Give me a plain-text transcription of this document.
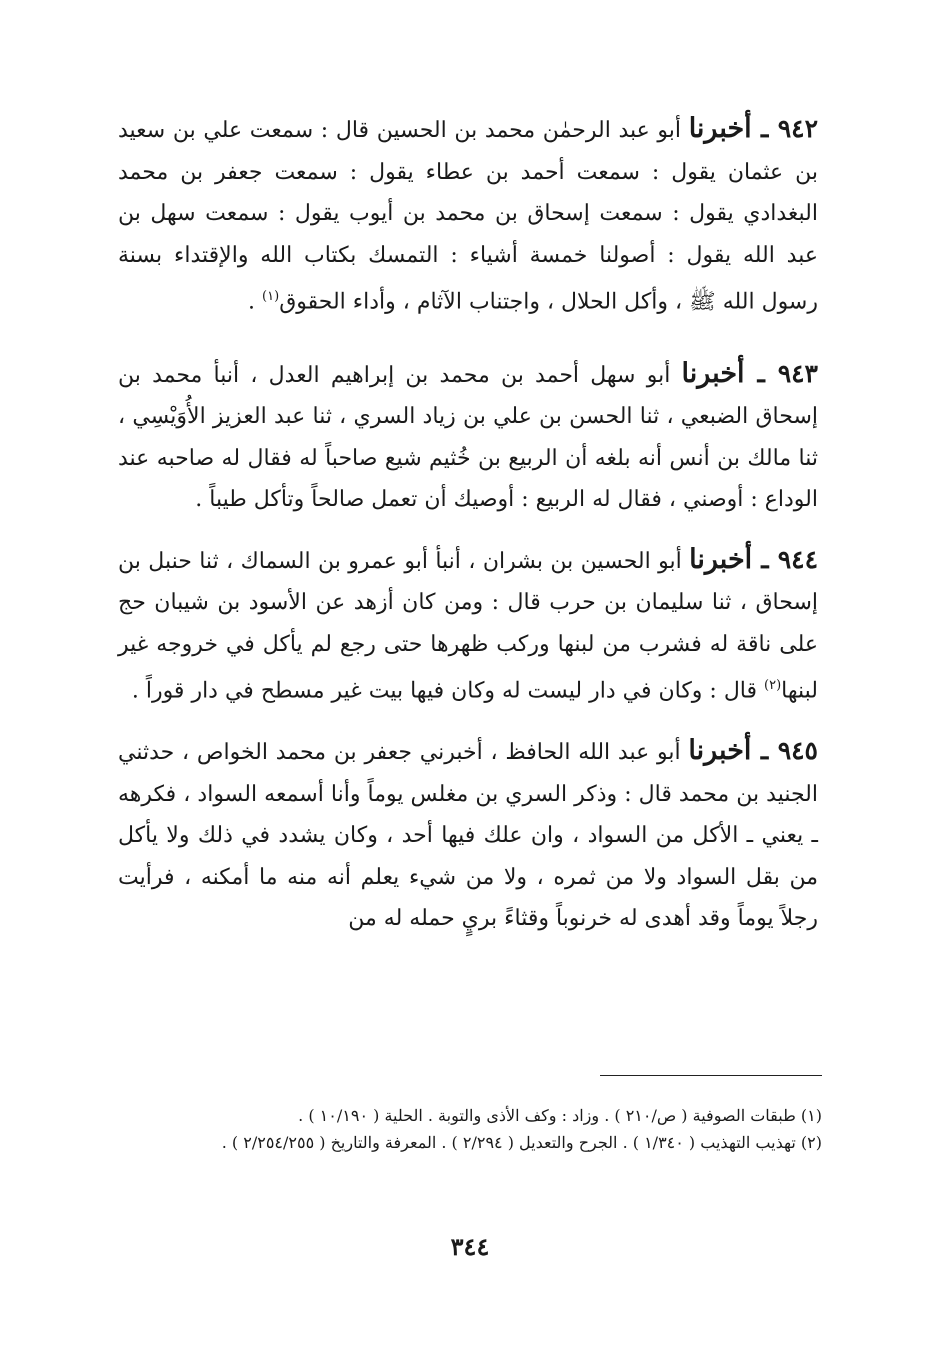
٩٤٢ ـ أخبرنا أبو عبد الرحمٰن محمد بن الحسين قال : سمعت علي بن سعيد بن عثمان يقول : سمعت أحمد بن عطاء يقول : سمعت جعفر بن محمد البغدادي يقول : سمعت إسحاق بن محمد بن أيوب يقول : سمعت سهل بن عبد الله يقول : أصولنا خمسة أشياء : التمسك بكتاب الله والإقتداء بسنة رسول الله ﷺ ، وأكل الحلال ، واجتناب الآثام ، وأداء الحقوق$^{(١)}$ .

٩٤٣ ـ أخبرنا أبو سهل أحمد بن محمد بن إبراهيم العدل ، أنبأ محمد بن إسحاق الضبعي ، ثنا الحسن بن علي بن زياد السري ، ثنا عبد العزيز الأُوَيْسِي ، ثنا مالك بن أنس أنه بلغه أن الربيع بن خُثيم شيع صاحباً له فقال له صاحبه عند الوداع : أوصني ، فقال له الربيع : أوصيك أن تعمل صالحاً وتأكل طيباً .

٩٤٤ ـ أخبرنا أبو الحسين بن بشران ، أنبأ أبو عمرو بن السماك ، ثنا حنبل بن إسحاق ، ثنا سليمان بن حرب قال : ومن كان أزهد عن الأسود بن شيبان حج على ناقة له فشرب من لبنها وركب ظهرها حتى رجع لم يأكل في خروجه غير لبنها$^{(٢)}$ قال : وكان في دار ليست له وكان فيها بيت غير مسطح في دار قوراً .

٩٤٥ ـ أخبرنا أبو عبد الله الحافظ ، أخبرني جعفر بن محمد الخواص ، حدثني الجنيد بن محمد قال : وذكر السري بن مغلس يوماً وأنا أسمعه السواد ، فكرهه ـ يعني ـ الأكل من السواد ، وان علك فيها أحد ، وكان يشدد في ذلك ولا يأكل من بقل السواد ولا من ثمره ، ولا من شيء يعلم أنه منه ما أمكنه ، فرأيت رجلاً يوماً وقد أهدى له خرنوباً وقثاءً بريٍ حمله له من

(١) طبقات الصوفية ( ص/٢١٠ ) . وزاد : وكف الأذى والتوبة . الحلية ( ١٠/١٩٠ ) .

(٢) تهذيب التهذيب ( ١/٣٤٠ ) . الجرح والتعديل ( ٢/٢٩٤ ) . المعرفة والتاريخ ( ٢/٢٥٤/٢٥٥ ) .

٣٤٤
